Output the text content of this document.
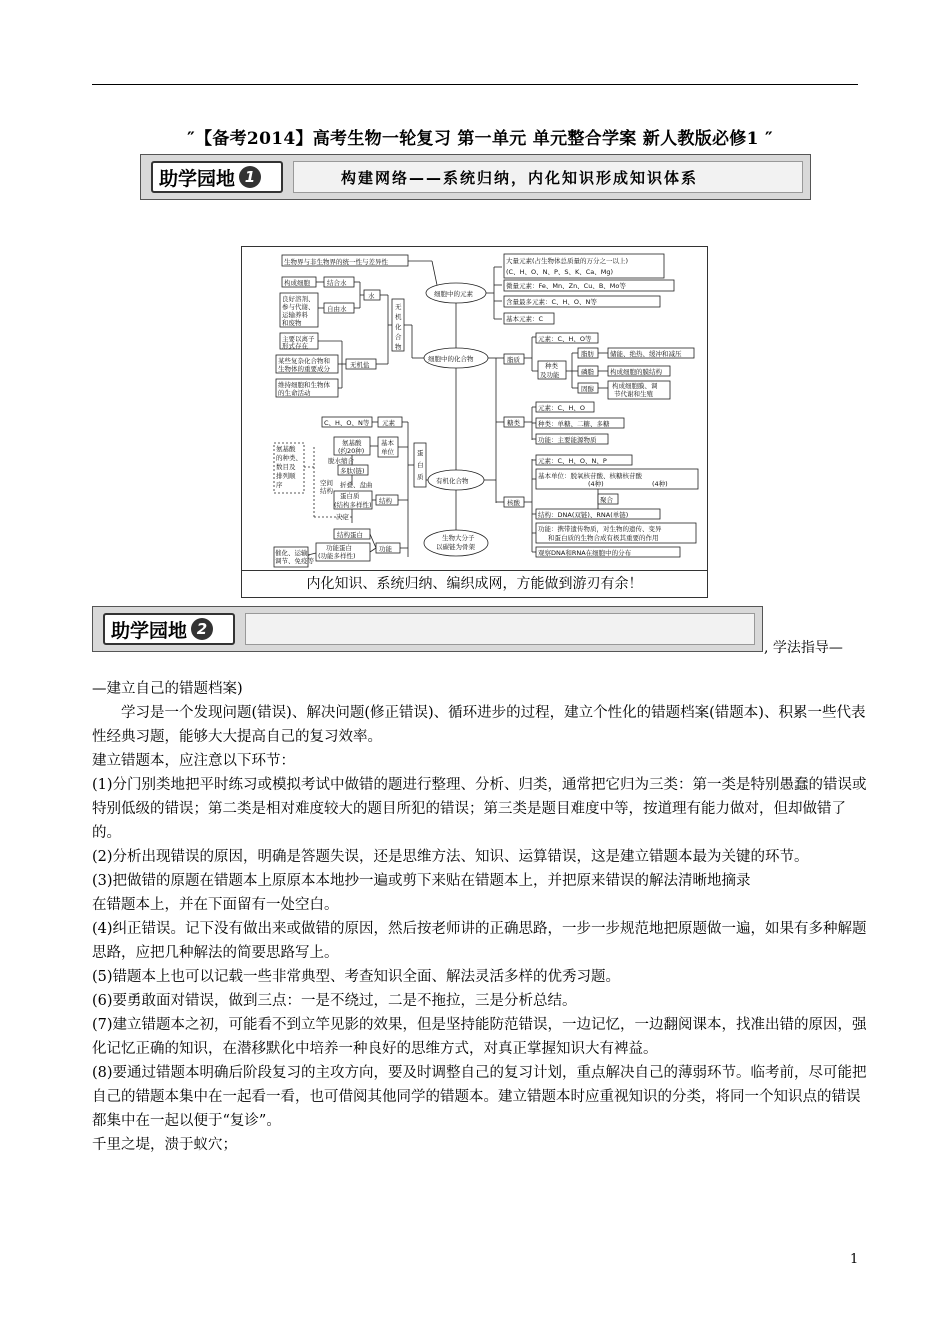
″【备考2014】高考生物一轮复习 第一单元 单元整合学案 新人教版必修1 ″
助学园地 1	构建网络——系统归纳，内化知识形成知识体系
生物界与非生物界的统一性与差异性
细胞中的元素
细胞中的化合物
有机化合物
生物大分子
以碳链为骨架
大量元素(占生物体总质量的万分之一以上)
(C、H、O、N、P、S、K、Ca、Mg)
微量元素：Fe、Mn、Zn、Cu、B、Mo等
含量最多元素：C、H、O、N等
基本元素：C
构成细胞	结合水
良好溶剂、
参与代谢、
运输养料
和废物
自由水
水
无
机
化
合
物
主要以离子
形式存在
某些复杂化合物和
生物体的重要成分
维持细胞和生物体
的生命活动
无机盐
脂质
元素：C、H、O等
种类
及功能
脂肪 储能、绝热、缓冲和减压
磷脂 构成细胞的膜结构
固醇	构成细胞膜、调
节代谢和生殖
糖类
元素：C、H、O
种类：单糖、二糖、多糖
功能：主要能源物质
核酸
元素：C、H、O、N、P
基本单位：脱氧核苷酸、核糖核苷酸
(4种)	(4种)
聚合
结构：DNA(双链)、RNA(单链)
功能：携带遗传物质，对生物的遗传、变异
和蛋白质的生物合成有极其重要的作用
观察DNA和RNA在细胞中的分布
C、H、O、N等 元素
氨基酸
(约20种)
基本
单位
氨基酸
的种类、
数目及
排列顺
序
脱水缩合
多肽(链)
空间
结构
折叠、盘曲
蛋白质
(结构多样性)
决定
结构
结构蛋白
功能蛋白
(功能多样性)
功能
催化、运输、
调节、免疫等
蛋
白
质
内化知识、系统归纳、编织成网，方能做到游刃有余！
助学园地 2
, 学法指导—

—建立自己的错题档案)

学习是一个发现问题(错误)、解决问题(修正错误)、循环进步的过程，建立个性化的错题档案(错题本)、积累一些代表性经典习题，能够大大提高自己的复习效率。

建立错题本，应注意以下环节：

(1)分门别类地把平时练习或模拟考试中做错的题进行整理、分析、归类，通常把它归为三类：第一类是特别愚蠢的错误或特别低级的错误；第二类是相对难度较大的题目所犯的错误；第三类是题目难度中等，按道理有能力做对，但却做错了的。

(2)分析出现错误的原因，明确是答题失误，还是思维方法、知识、运算错误，这是建立错题本最为关键的环节。

(3)把做错的原题在错题本上原原本本地抄一遍或剪下来贴在错题本上，并把原来错误的解法清晰地摘录

在错题本上，并在下面留有一处空白。

(4)纠正错误。记下没有做出来或做错的原因，然后按老师讲的正确思路，一步一步规范地把原题做一遍，如果有多种解题思路，应把几种解法的简要思路写上。

(5)错题本上也可以记载一些非常典型、考查知识全面、解法灵活多样的优秀习题。

(6)要勇敢面对错误，做到三点：一是不绕过，二是不拖拉，三是分析总结。

(7)建立错题本之初，可能看不到立竿见影的效果，但是坚持能防范错误，一边记忆，一边翻阅课本，找准出错的原因，强化记忆正确的知识，在潜移默化中培养一种良好的思维方式，对真正掌握知识大有裨益。

(8)要通过错题本明确后阶段复习的主攻方向，要及时调整自己的复习计划，重点解决自己的薄弱环节。临考前，尽可能把自己的错题本集中在一起看一看，也可借阅其他同学的错题本。建立错题本时应重视知识的分类，将同一个知识点的错误都集中在一起以便于“复诊”。

千里之堤，溃于蚁穴；

1
